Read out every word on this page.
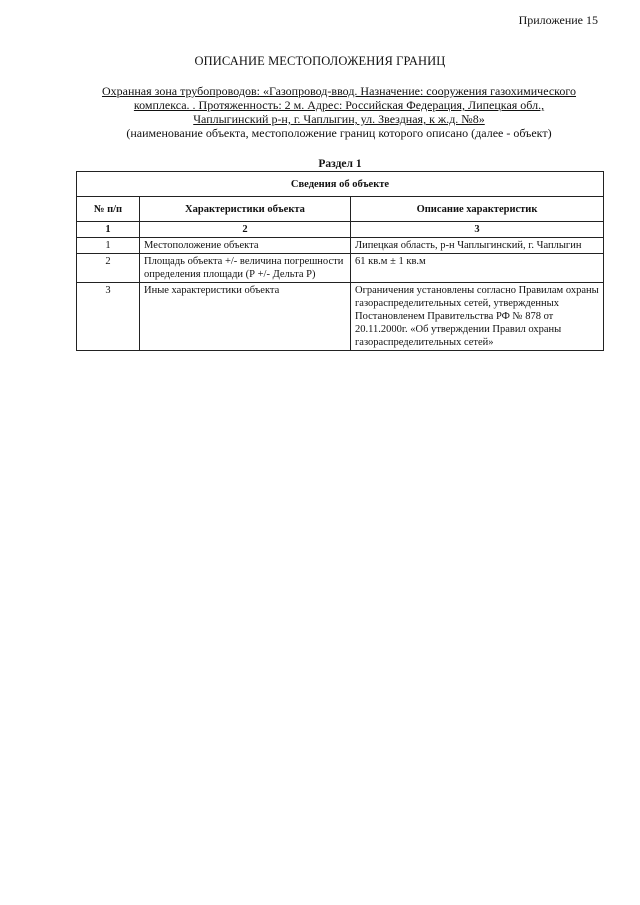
Приложение 15
ОПИСАНИЕ МЕСТОПОЛОЖЕНИЯ ГРАНИЦ
Охранная зона трубопроводов: «Газопровод-ввод. Назначение: сооружения газохимического
комплекса. . Протяженность: 2 м. Адрес: Российская Федерация, Липецкая обл.,
Чаплыгинский р-н, г. Чаплыгин, ул. Звездная, к ж.д. №8»
(наименование объекта, местоположение границ которого описано (далее - объект)
Раздел 1
Сведения об объекте		
№ п/п	Характеристики объекта	Описание характеристик
1	2	3
1	Местоположение объекта	Липецкая область, р-н Чаплыгинский, г. Чаплыгин
2	Площадь объекта +/- величина погрешности определения площади (Р +/- Дельта Р)	61 кв.м ± 1 кв.м
3	Иные характеристики объекта	Ограничения установлены согласно Правилам охраны газораспределительных сетей, утвержденных Постановленем Правительства РФ № 878 от 20.11.2000г. «Об утверждении Правил охраны газораспределительных сетей»
